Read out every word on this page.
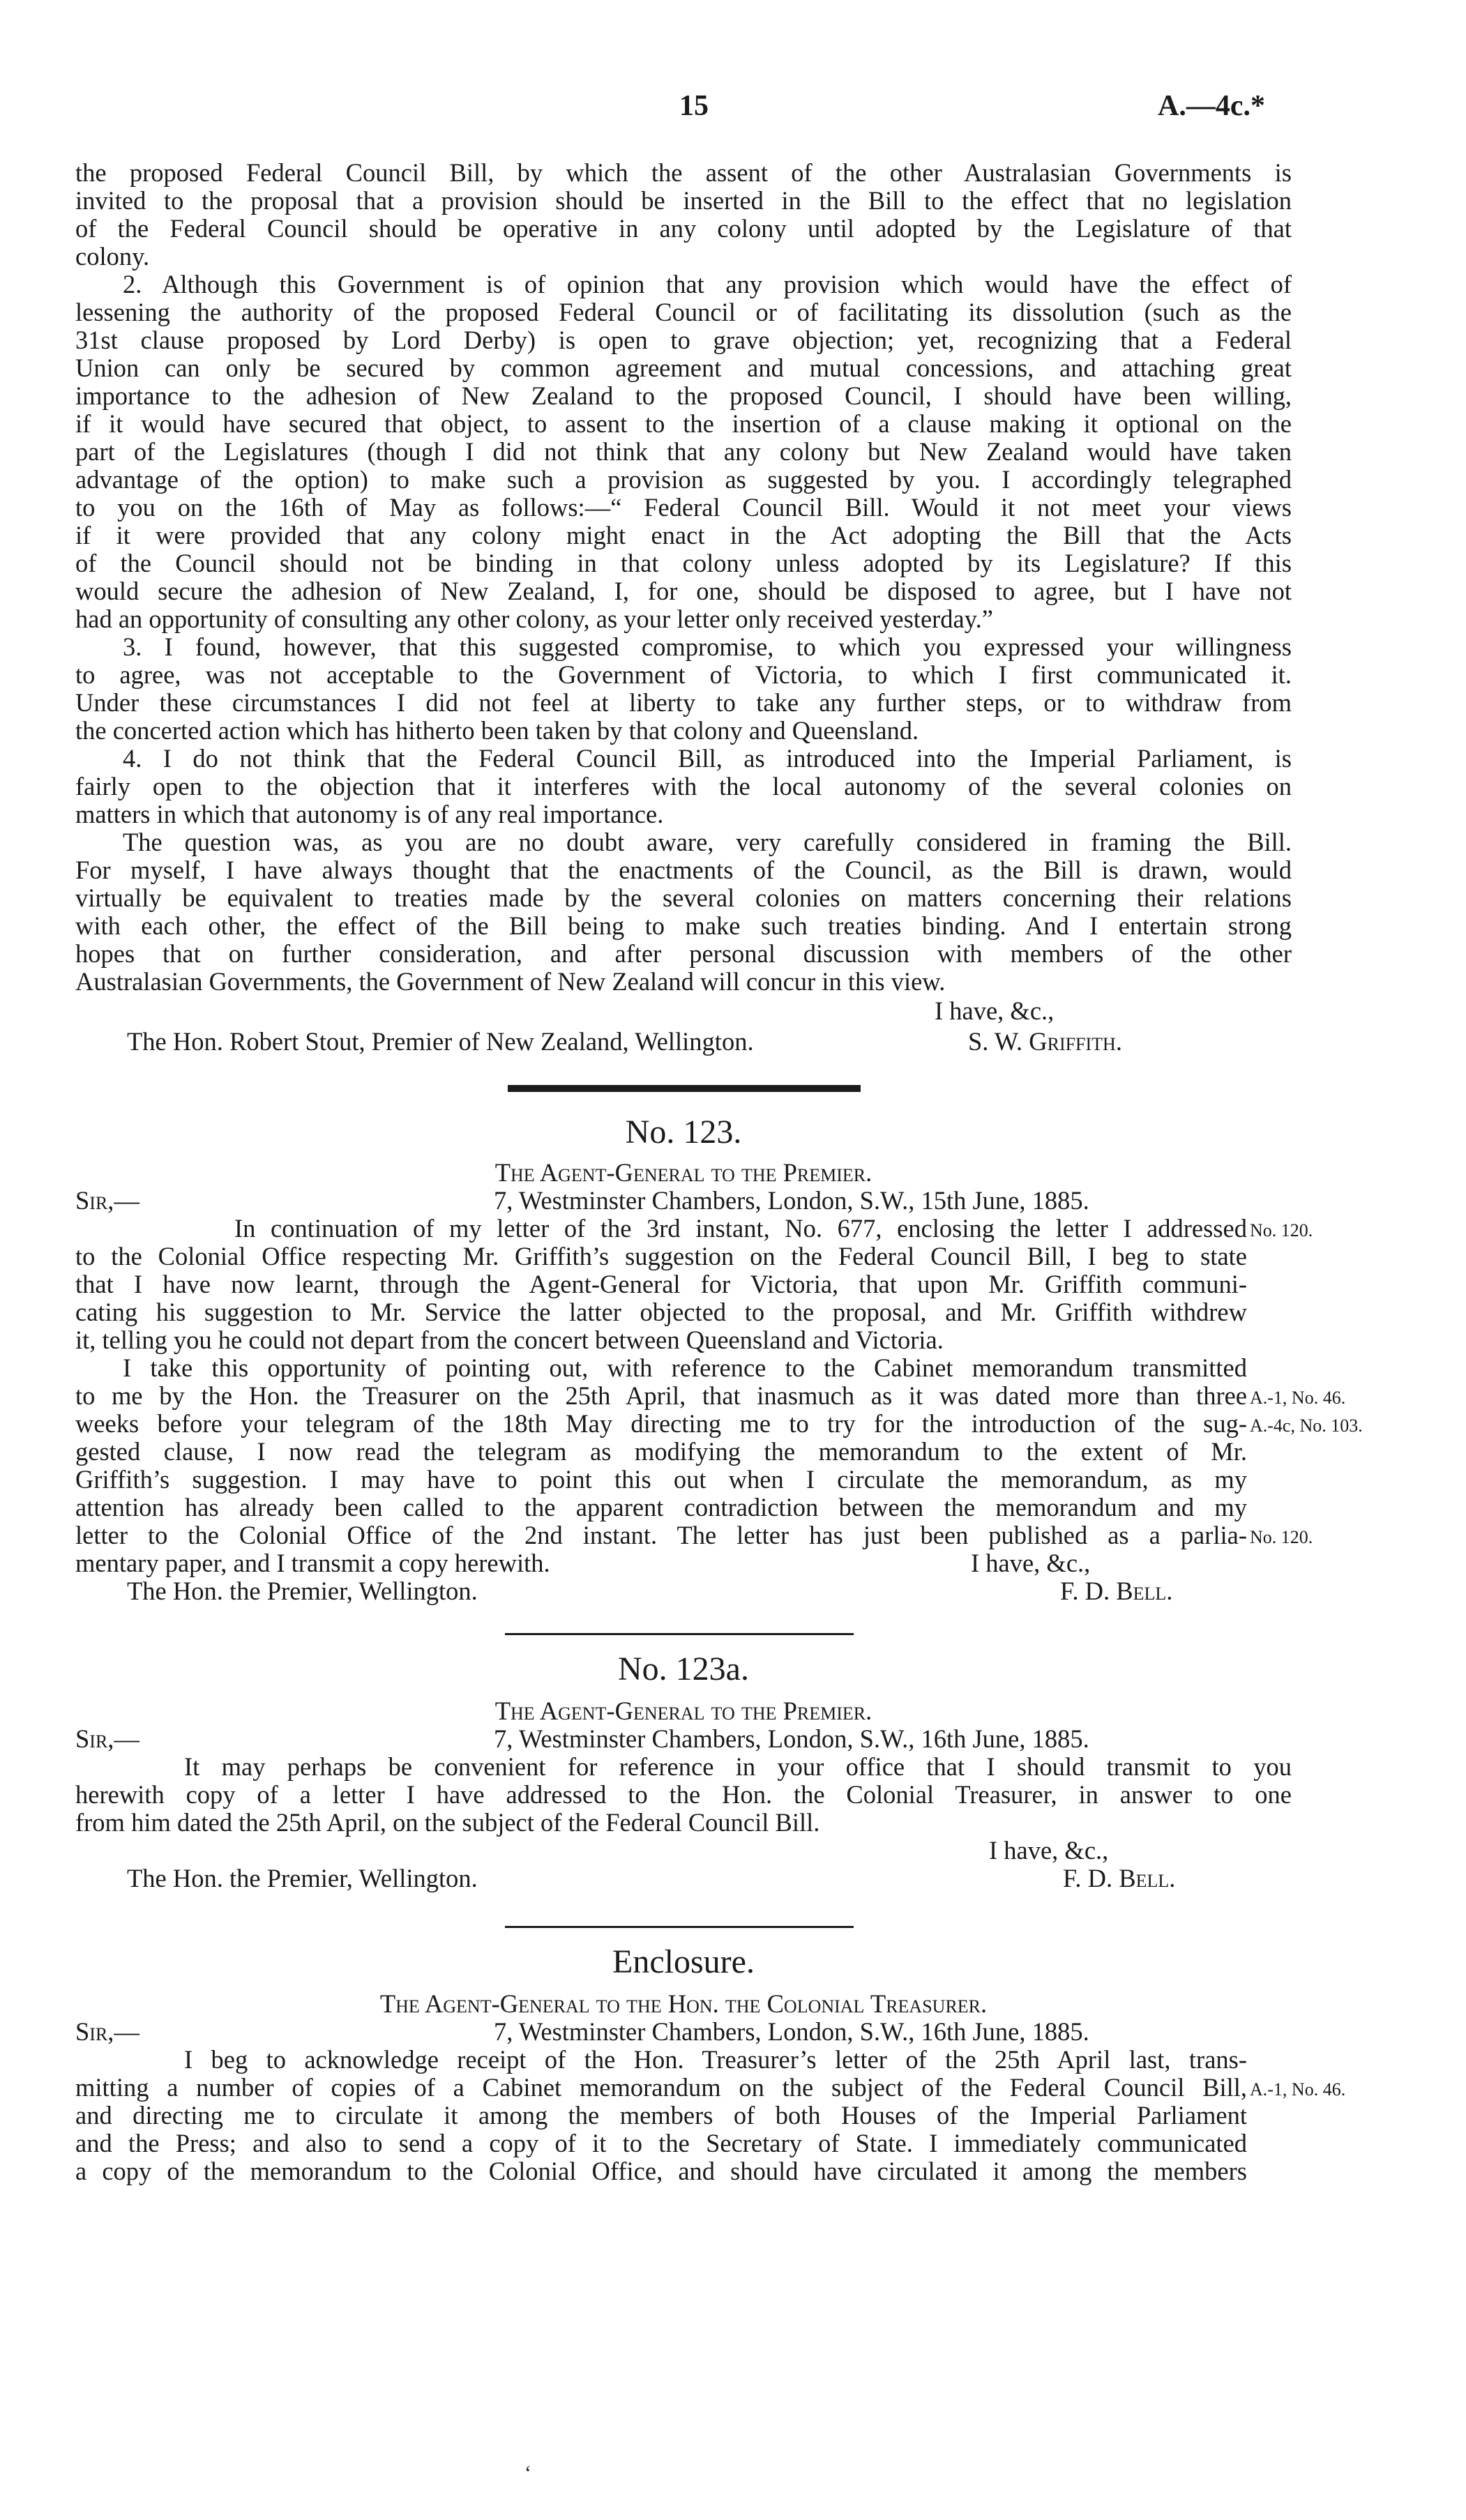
15	A.—4c.*
the proposed Federal Council Bill, by which the assent of the other Australasian Governments is
invited to the proposal that a provision should be inserted in the Bill to the effect that no legislation
of the Federal Council should be operative in any colony until adopted by the Legislature of that
colony.
2. Although this Government is of opinion that any provision which would have the effect of
lessening the authority of the proposed Federal Council or of facilitating its dissolution (such as the
31st clause proposed by Lord Derby) is open to grave objection; yet, recognizing that a Federal
Union can only be secured by common agreement and mutual concessions, and attaching great
importance to the adhesion of New Zealand to the proposed Council, I should have been willing,
if it would have secured that object, to assent to the insertion of a clause making it optional on the
part of the Legislatures (though I did not think that any colony but New Zealand would have taken
advantage of the option) to make such a provision as suggested by you. I accordingly telegraphed
to you on the 16th of May as follows:—“ Federal Council Bill. Would it not meet your views
if it were provided that any colony might enact in the Act adopting the Bill that the Acts
of the Council should not be binding in that colony unless adopted by its Legislature? If this
would secure the adhesion of New Zealand, I, for one, should be disposed to agree, but I have not
had an opportunity of consulting any other colony, as your letter only received yesterday.”
3. I found, however, that this suggested compromise, to which you expressed your willingness
to agree, was not acceptable to the Government of Victoria, to which I first communicated it.
Under these circumstances I did not feel at liberty to take any further steps, or to withdraw from
the concerted action which has hitherto been taken by that colony and Queensland.
4. I do not think that the Federal Council Bill, as introduced into the Imperial Parliament, is
fairly open to the objection that it interferes with the local autonomy of the several colonies on
matters in which that autonomy is of any real importance.
The question was, as you are no doubt aware, very carefully considered in framing the Bill.
For myself, I have always thought that the enactments of the Council, as the Bill is drawn, would
virtually be equivalent to treaties made by the several colonies on matters concerning their relations
with each other, the effect of the Bill being to make such treaties binding. And I entertain strong
hopes that on further consideration, and after personal discussion with members of the other
Australasian Governments, the Government of New Zealand will concur in this view.
I have, &c.,
The Hon. Robert Stout, Premier of New Zealand, Wellington.	S. W. Griffith.
No. 123.
The Agent-General to the Premier.
Sir,—	7, Westminster Chambers, London, S.W., 15th June, 1885.
In continuation of my letter of the 3rd instant, No. 677, enclosing the letter I addressed
to the Colonial Office respecting Mr. Griffith’s suggestion on the Federal Council Bill, I beg to state
that I have now learnt, through the Agent-General for Victoria, that upon Mr. Griffith communi-
cating his suggestion to Mr. Service the latter objected to the proposal, and Mr. Griffith withdrew
it, telling you he could not depart from the concert between Queensland and Victoria.
I take this opportunity of pointing out, with reference to the Cabinet memorandum transmitted
to me by the Hon. the Treasurer on the 25th April, that inasmuch as it was dated more than three
weeks before your telegram of the 18th May directing me to try for the introduction of the sug-
gested clause, I now read the telegram as modifying the memorandum to the extent of Mr.
Griffith’s suggestion. I may have to point this out when I circulate the memorandum, as my
attention has already been called to the apparent contradiction between the memorandum and my
letter to the Colonial Office of the 2nd instant. The letter has just been published as a parlia-
mentary paper, and I transmit a copy herewith.	I have, &c.,
The Hon. the Premier, Wellington.	F. D. Bell.
No. 120.
A.-1, No. 46.
A.-4c, No. 103.
No. 120.
No. 123a.
The Agent-General to the Premier.
Sir,—	7, Westminster Chambers, London, S.W., 16th June, 1885.
It may perhaps be convenient for reference in your office that I should transmit to you
herewith copy of a letter I have addressed to the Hon. the Colonial Treasurer, in answer to one
from him dated the 25th April, on the subject of the Federal Council Bill.
I have, &c.,
The Hon. the Premier, Wellington.	F. D. Bell.
Enclosure.
The Agent-General to the Hon. the Colonial Treasurer.
Sir,—	7, Westminster Chambers, London, S.W., 16th June, 1885.
I beg to acknowledge receipt of the Hon. Treasurer’s letter of the 25th April last, trans-
mitting a number of copies of a Cabinet memorandum on the subject of the Federal Council Bill,
and directing me to circulate it among the members of both Houses of the Imperial Parliament
and the Press; and also to send a copy of it to the Secretary of State. I immediately communicated
a copy of the memorandum to the Colonial Office, and should have circulated it among the members
A.-1, No. 46.
ʻ
